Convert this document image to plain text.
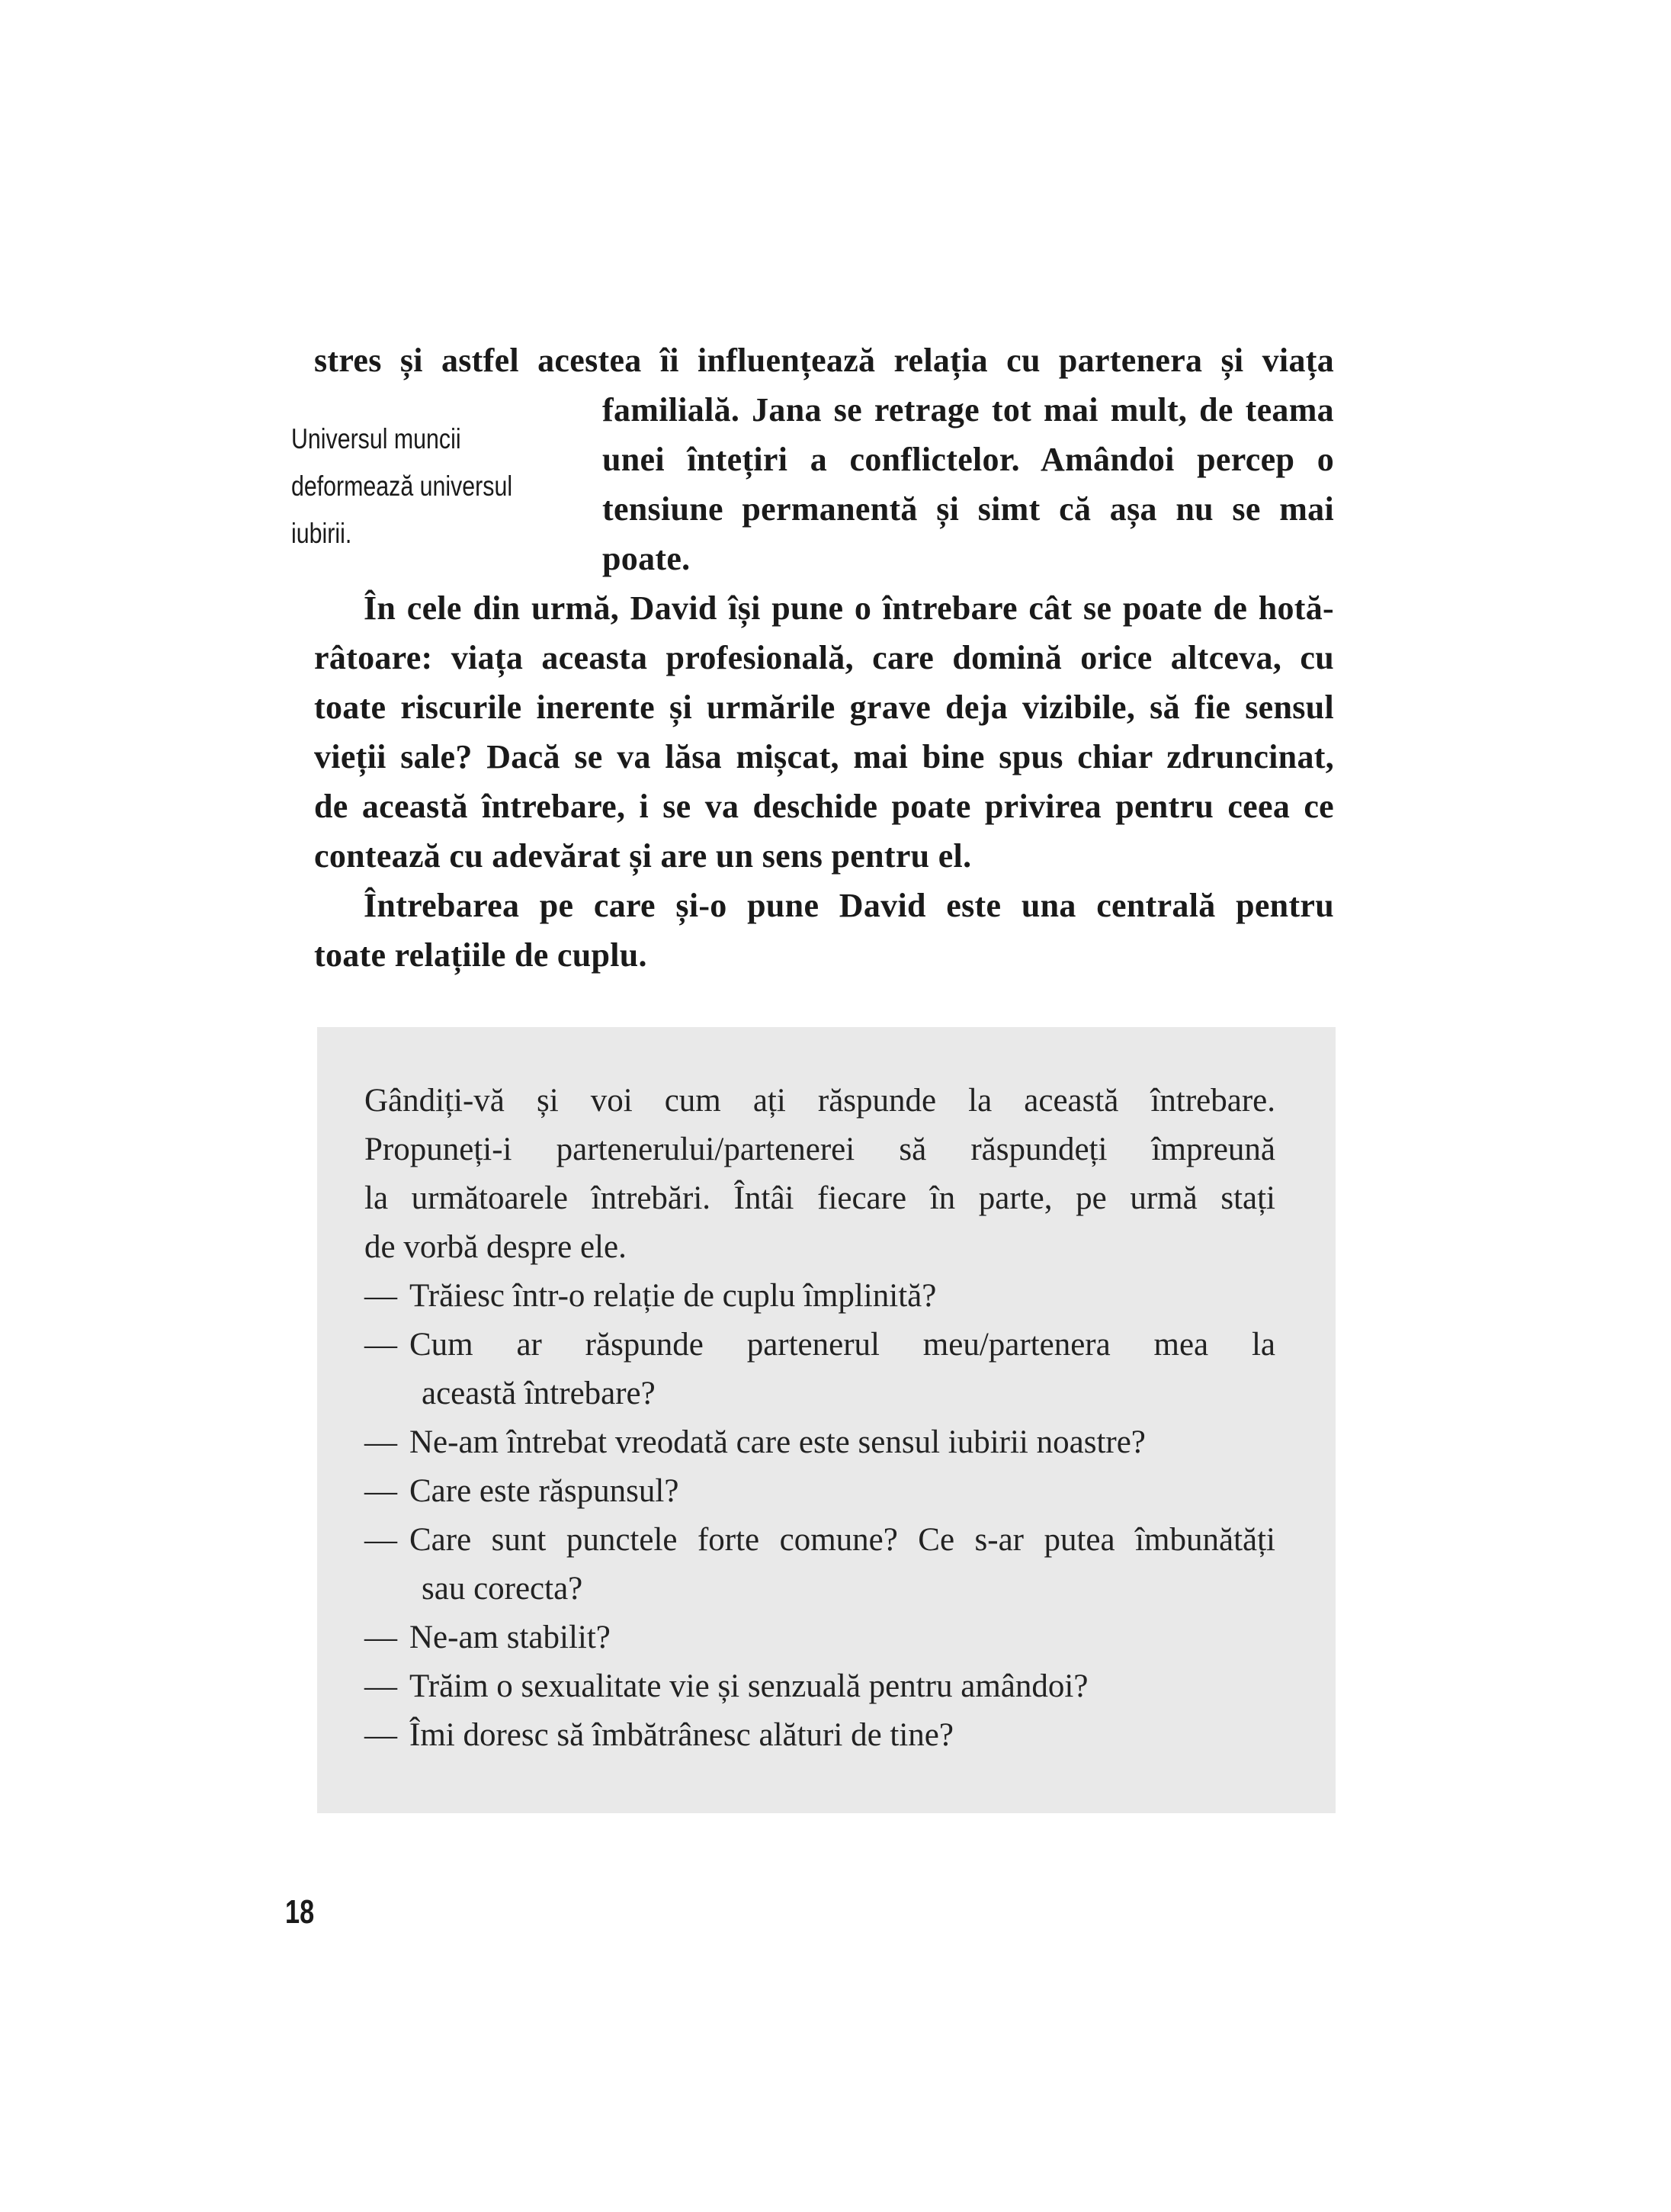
stres și astfel acestea îi influențează relația cu partenera și viața
familială. Jana se retrage tot mai mult, de teama
unei întețiri a conflictelor. Amândoi percep o
tensiune permanentă și simt că așa nu se mai
poate.
În cele din urmă, David își pune o întrebare cât se poate de hotă-
râtoare: viața aceasta profesională, care domină orice altceva, cu
toate riscurile inerente și urmările grave deja vizibile, să fie sensul
vieții sale? Dacă se va lăsa mișcat, mai bine spus chiar zdruncinat,
de această întrebare, i se va deschide poate privirea pentru ceea ce
contează cu adevărat și are un sens pentru el.
Întrebarea pe care și-o pune David este una centrală pentru
toate relațiile de cuplu.
Universul muncii
deformează universul
iubirii.
Gândiți-vă și voi cum ați răspunde la această întrebare.
Propuneți-i partenerului/partenerei să răspundeți împreună
la următoarele întrebări. Întâi fiecare în parte, pe urmă stați
de vorbă despre ele.
— Trăiesc într-o relație de cuplu împlinită?
— Cum ar răspunde partenerul meu/partenera mea la
această întrebare?
— Ne-am întrebat vreodată care este sensul iubirii noastre?
— Care este răspunsul?
— Care sunt punctele forte comune? Ce s-ar putea îmbunătăți
sau corecta?
— Ne-am stabilit?
— Trăim o sexualitate vie și senzuală pentru amândoi?
— Îmi doresc să îmbătrânesc alături de tine?
18
